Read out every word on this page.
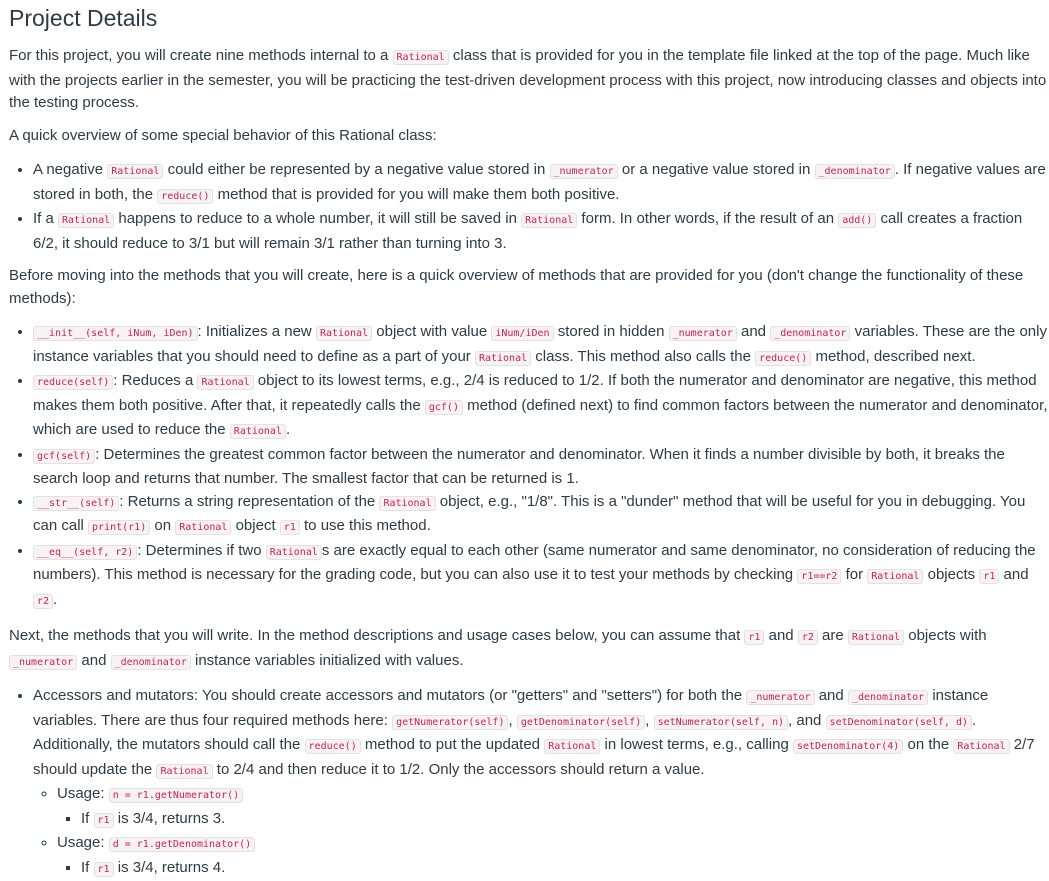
Project Details

For this project, you will create nine methods internal to a Rational class that is provided for you in the template file linked at the top of the page. Much like with the projects earlier in the semester, you will be practicing the test-driven development process with this project, now introducing classes and objects into the testing process.

A quick overview of some special behavior of this Rational class:

• A negative Rational could either be represented by a negative value stored in _numerator or a negative value stored in _denominator . If negative values are stored in both, the reduce() method that is provided for you will make them both positive.
• If a Rational happens to reduce to a whole number, it will still be saved in Rational form. In other words, if the result of an add() call creates a fraction 6/2, it should reduce to 3/1 but will remain 3/1 rather than turning into 3.

Before moving into the methods that you will create, here is a quick overview of methods that are provided for you (don't change the functionality of these methods):

• __init__(self, iNum, iDen) : Initializes a new Rational object with value iNum/iDen stored in hidden _numerator and _denominator variables. These are the only instance variables that you should need to define as a part of your Rational class. This method also calls the reduce() method, described next.
• reduce(self) : Reduces a Rational object to its lowest terms, e.g., 2/4 is reduced to 1/2. If both the numerator and denominator are negative, this method makes them both positive. After that, it repeatedly calls the gcf() method (defined next) to find common factors between the numerator and denominator, which are used to reduce the Rational .
• gcf(self) : Determines the greatest common factor between the numerator and denominator. When it finds a number divisible by both, it breaks the search loop and returns that number. The smallest factor that can be returned is 1.
• __str__(self) : Returns a string representation of the Rational object, e.g., "1/8". This is a "dunder" method that will be useful for you in debugging. You can call print(r1) on Rational object r1 to use this method.
• __eq__(self, r2) : Determines if two Rational s are exactly equal to each other (same numerator and same denominator, no consideration of reducing the numbers). This method is necessary for the grading code, but you can also use it to test your methods by checking r1==r2 for Rational objects r1 and r2 .

Next, the methods that you will write. In the method descriptions and usage cases below, you can assume that r1 and r2 are Rational objects with _numerator and _denominator instance variables initialized with values.

• Accessors and mutators: You should create accessors and mutators (or "getters" and "setters") for both the _numerator and _denominator instance variables. There are thus four required methods here: getNumerator(self) , getDenominator(self) , setNumerator(self, n) , and setDenominator(self, d) . Additionally, the mutators should call the reduce() method to put the updated Rational in lowest terms, e.g., calling setDenominator(4) on the Rational 2/7 should update the Rational to 2/4 and then reduce it to 1/2. Only the accessors should return a value.
◦ Usage: n = r1.getNumerator()
▪ If r1 is 3/4, returns 3.
◦ Usage: d = r1.getDenominator()
▪ If r1 is 3/4, returns 4.
